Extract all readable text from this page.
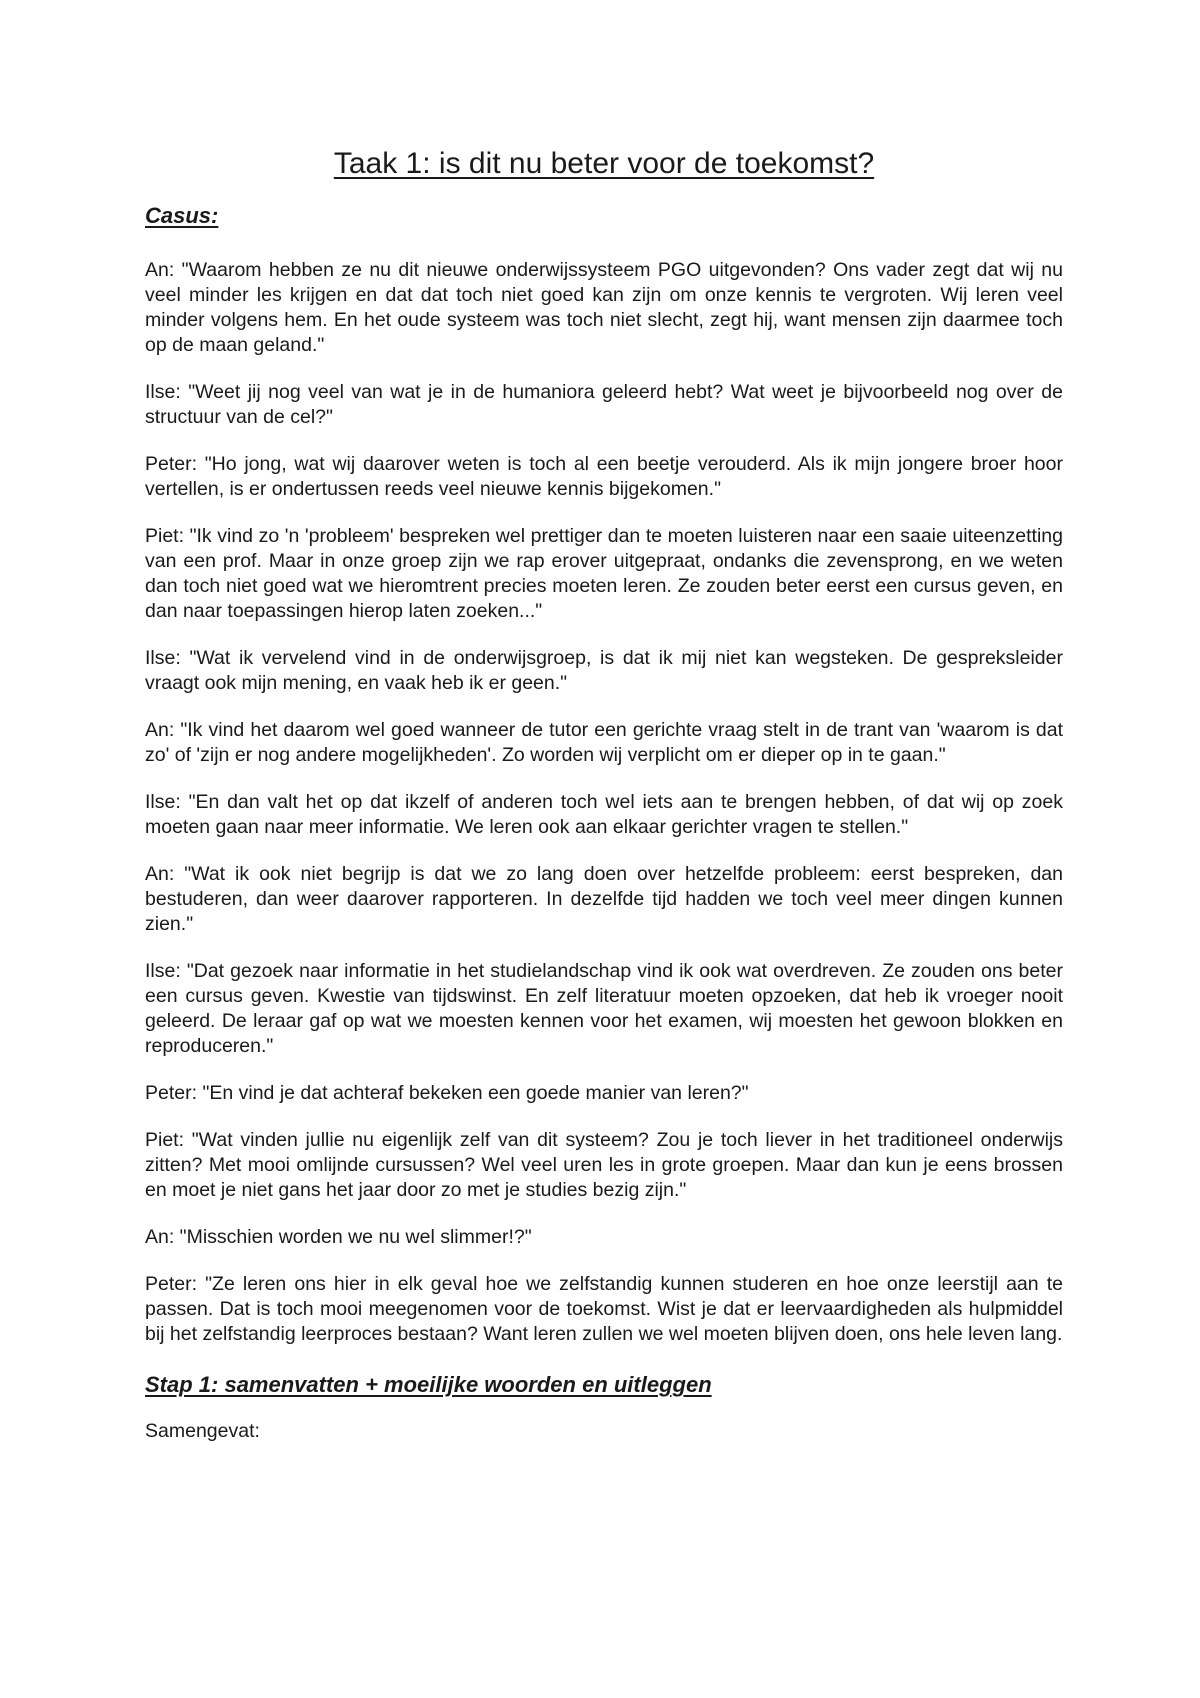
Taak 1: is dit nu beter voor de toekomst?
Casus:

An: "Waarom hebben ze nu dit nieuwe onderwijssysteem PGO uitgevonden? Ons vader zegt dat wij nu veel minder les krijgen en dat dat toch niet goed kan zijn om onze kennis te vergroten. Wij leren veel minder volgens hem. En het oude systeem was toch niet slecht, zegt hij, want mensen zijn daarmee toch op de maan geland."

Ilse: "Weet jij nog veel van wat je in de humaniora geleerd hebt? Wat weet je bijvoorbeeld nog over de structuur van de cel?"

Peter: "Ho jong, wat wij daarover weten is toch al een beetje verouderd. Als ik mijn jongere broer hoor vertellen, is er ondertussen reeds veel nieuwe kennis bijgekomen."

Piet: "Ik vind zo 'n 'probleem' bespreken wel prettiger dan te moeten luisteren naar een saaie uiteenzetting van een prof. Maar in onze groep zijn we rap erover uitgepraat, ondanks die zevensprong, en we weten dan toch niet goed wat we hieromtrent precies moeten leren. Ze zouden beter eerst een cursus geven, en dan naar toepassingen hierop laten zoeken..."

Ilse: "Wat ik vervelend vind in de onderwijsgroep, is dat ik mij niet kan wegsteken. De gespreksleider vraagt ook mijn mening, en vaak heb ik er geen."

An: "Ik vind het daarom wel goed wanneer de tutor een gerichte vraag stelt in de trant van 'waarom is dat zo' of 'zijn er nog andere mogelijkheden'. Zo worden wij verplicht om er dieper op in te gaan."

Ilse: "En dan valt het op dat ikzelf of anderen toch wel iets aan te brengen hebben, of dat wij op zoek moeten gaan naar meer informatie. We leren ook aan elkaar gerichter vragen te stellen."

An: "Wat ik ook niet begrijp is dat we zo lang doen over hetzelfde probleem: eerst bespreken, dan bestuderen, dan weer daarover rapporteren. In dezelfde tijd hadden we toch veel meer dingen kunnen zien."

Ilse: "Dat gezoek naar informatie in het studielandschap vind ik ook wat overdreven. Ze zouden ons beter een cursus geven. Kwestie van tijdswinst. En zelf literatuur moeten opzoeken, dat heb ik vroeger nooit geleerd. De leraar gaf op wat we moesten kennen voor het examen, wij moesten het gewoon blokken en reproduceren."

Peter: "En vind je dat achteraf bekeken een goede manier van leren?"

Piet: "Wat vinden jullie nu eigenlijk zelf van dit systeem? Zou je toch liever in het traditioneel onderwijs zitten? Met mooi omlijnde cursussen? Wel veel uren les in grote groepen. Maar dan kun je eens brossen en moet je niet gans het jaar door zo met je studies bezig zijn."

An: "Misschien worden we nu wel slimmer!?"

Peter: "Ze leren ons hier in elk geval hoe we zelfstandig kunnen studeren en hoe onze leerstijl aan te passen. Dat is toch mooi meegenomen voor de toekomst. Wist je dat er leervaardigheden als hulpmiddel bij het zelfstandig leerproces bestaan? Want leren zullen we wel moeten blijven doen, ons hele leven lang.

Stap 1: samenvatten + moeilijke woorden en uitleggen

Samengevat:
